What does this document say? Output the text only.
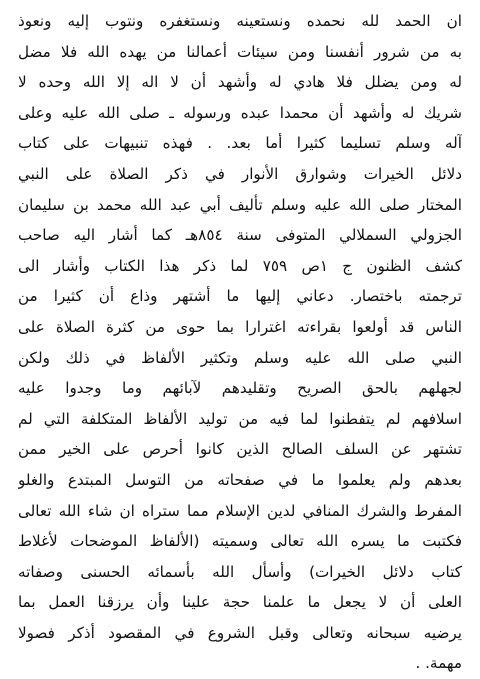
ان الحمد لله نحمده ونستعينه ونستغفره ونتوب إليه ونعوذ
به من شرور أنفسنا ومن سيئات أعمالنا من يهده الله فلا مضل
له ومن يضلل فلا هادي له وأشهد أن لا اله إلا الله وحده لا
شريك له وأشهد أن محمدا عبده ورسوله ـ صلى الله عليه وعلى
آله وسلم تسليما كثيرا أما بعد. . فهذه تنبيهات على كتاب
دلائل الخيرات وشوارق الأنوار في ذكر الصلاة على النبي
المختار صلى الله عليه وسلم تأليف أبي عبد الله محمد بن سليمان
الجزولي السملالي المتوفى سنة ٨٥٤هـ كما أشار اليه صاحب
كشف الظنون ج ١ص ٧٥٩ لما ذكر هذا الكتاب وأشار الى
ترجمته باختصار. دعاني إليها ما أشتهر وذاع أن كثيرا من
الناس قد أولعوا بقراءته اغترارا بما حوى من كثرة الصلاة على
النبي صلى الله عليه وسلم وتكثير الألفاظ في ذلك ولكن
لجهلهم بالحق الصريح وتقليدهم لآبائهم وما وجدوا عليه
اسلافهم لم يتفطنوا لما فيه من توليد الألفاظ المتكلفة التي لم
تشتهر عن السلف الصالح الذين كانوا أحرص على الخير ممن
بعدهم ولم يعلموا ما في صفحاته من التوسل المبتدع والغلو
المفرط والشرك المنافي لدين الإسلام مما ستراه ان شاء الله تعالى
فكتبت ما يسره الله تعالى وسميته (الألفاظ الموضحات لأغلاط
كتاب دلائل الخيرات) وأسأل الله بأسمائه الحسنى وصفاته
العلى أن لا يجعل ما علمنا حجة علينا وأن يرزقنا العمل بما
يرضيه سبحانه وتعالى وقبل الشروع في المقصود أذكر فصولا
مهمة. .
